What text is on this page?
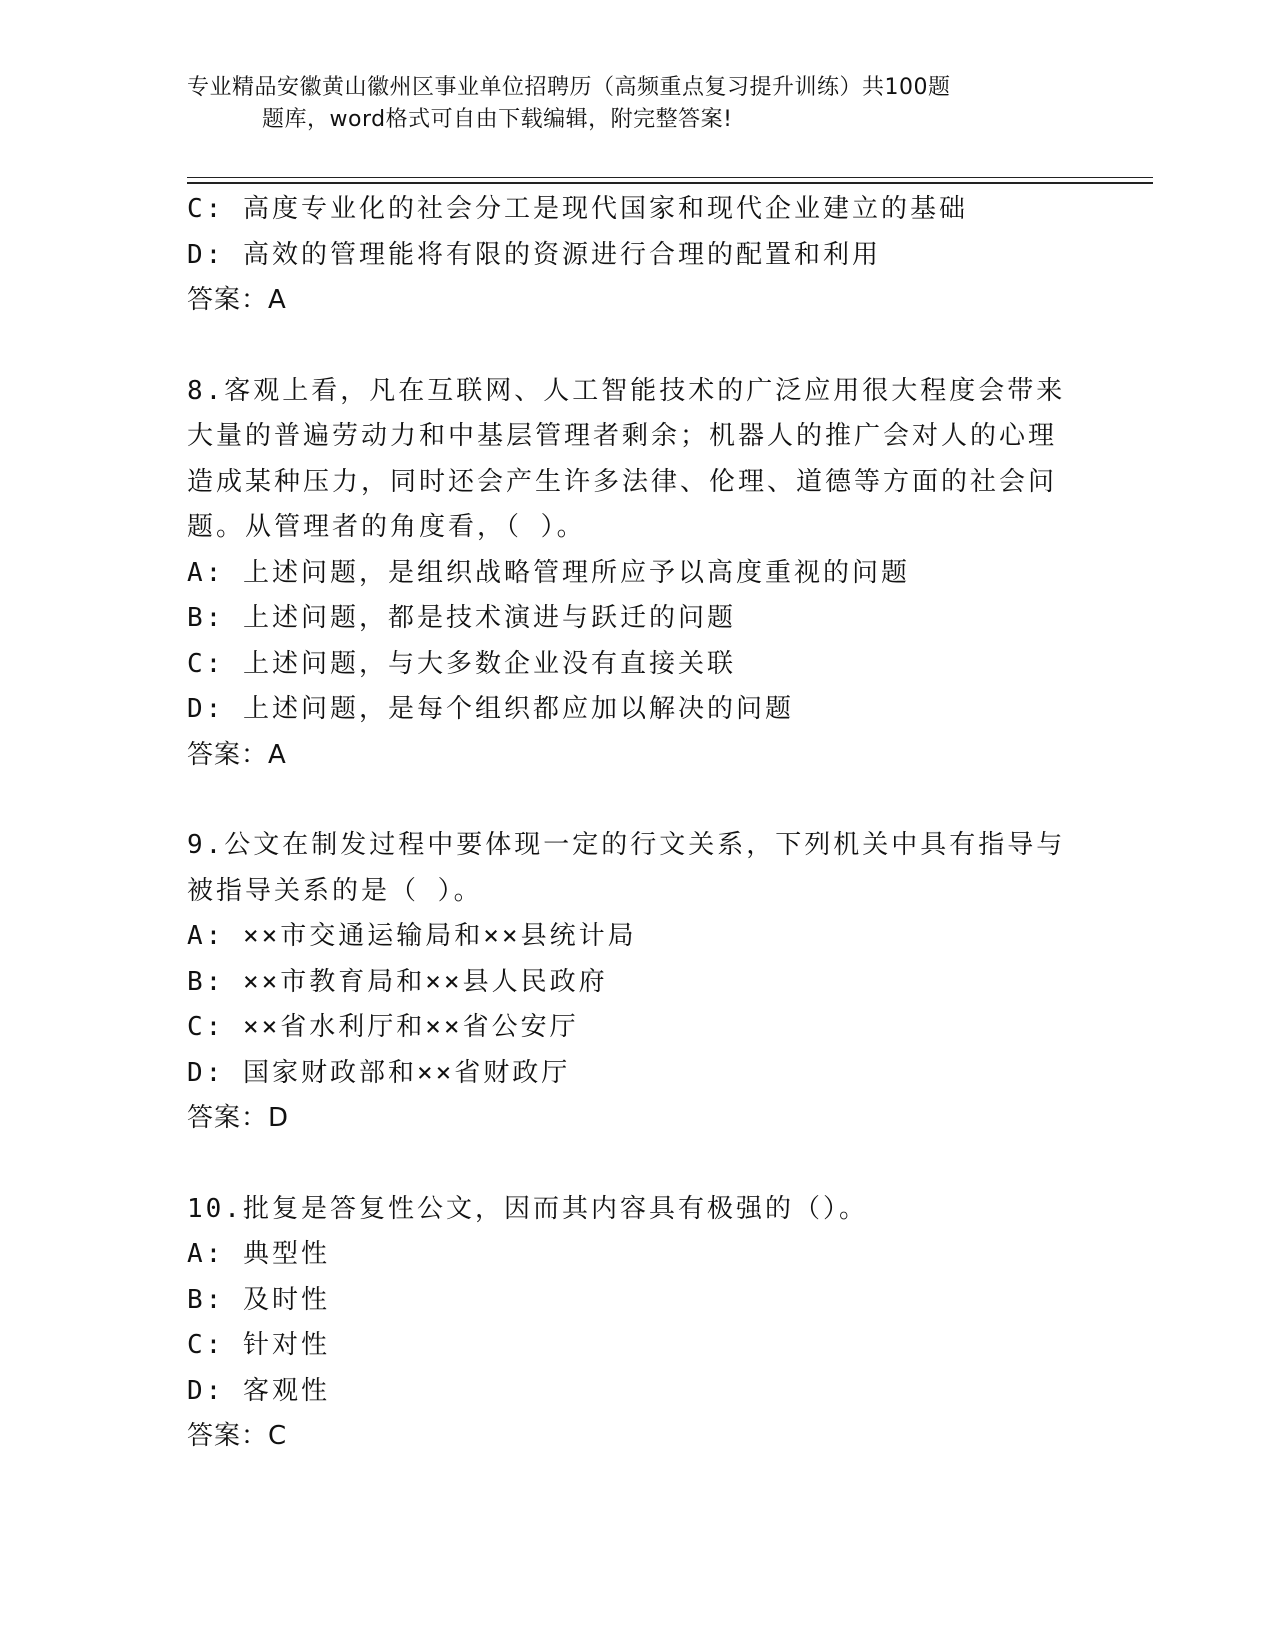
专业精品安徽黄山徽州区事业单位招聘历（高频重点复习提升训练）共100题
题库，word格式可自由下载编辑，附完整答案!
C: 高度专业化的社会分工是现代国家和现代企业建立的基础
D: 高效的管理能将有限的资源进行合理的配置和利用
答案：A
8.客观上看，凡在互联网、人工智能技术的广泛应用很大程度会带来
大量的普遍劳动力和中基层管理者剩余；机器人的推广会对人的心理
造成某种压力，同时还会产生许多法律、伦理、道德等方面的社会问
题。从管理者的角度看，（ ）。
A: 上述问题，是组织战略管理所应予以高度重视的问题
B: 上述问题，都是技术演进与跃迁的问题
C: 上述问题，与大多数企业没有直接关联
D: 上述问题，是每个组织都应加以解决的问题
答案：A
9.公文在制发过程中要体现一定的行文关系，下列机关中具有指导与
被指导关系的是（ ）。
A: ××市交通运输局和××县统计局
B: ××市教育局和××县人民政府
C: ××省水利厅和××省公安厅
D: 国家财政部和××省财政厅
答案：D
10.批复是答复性公文，因而其内容具有极强的（）。
A: 典型性
B: 及时性
C: 针对性
D: 客观性
答案：C
